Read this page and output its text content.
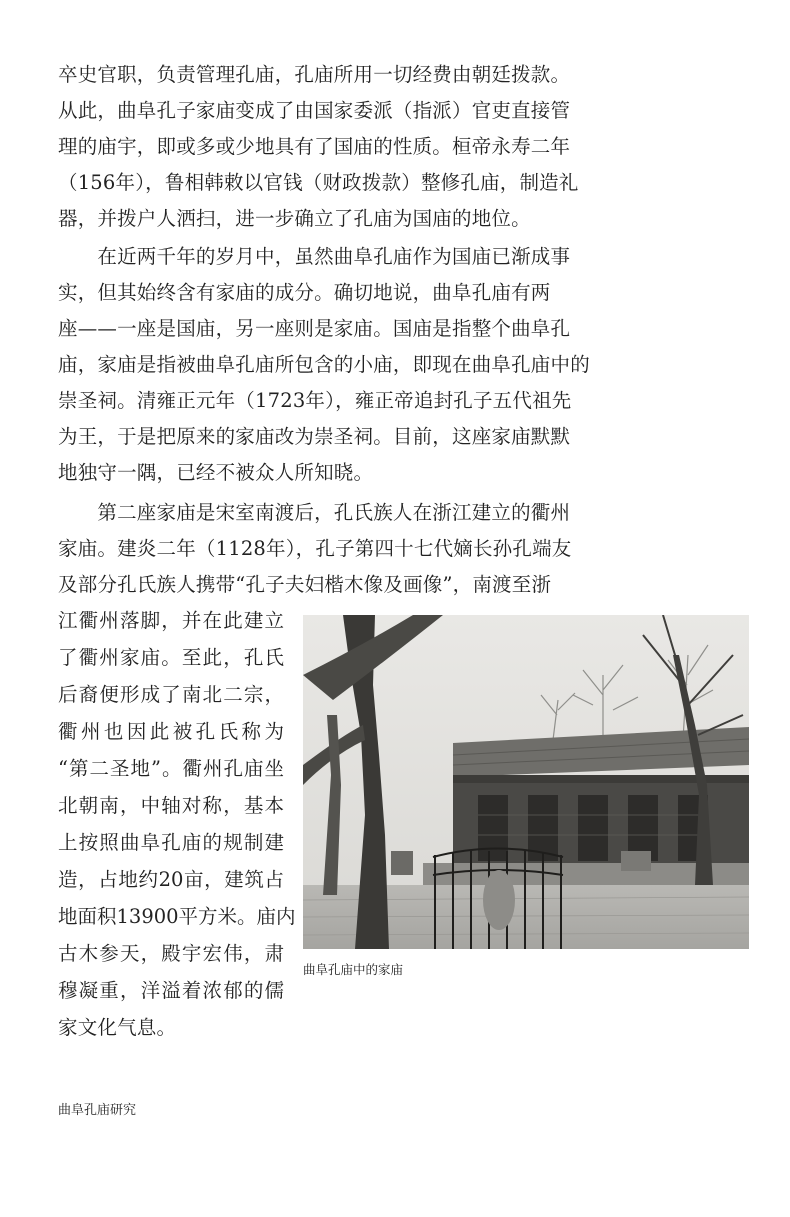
卒史官职，负责管理孔庙，孔庙所用一切经费由朝廷拨款。
从此，曲阜孔子家庙变成了由国家委派（指派）官吏直接管
理的庙宇，即或多或少地具有了国庙的性质。桓帝永寿二年
（156年），鲁相韩敕以官钱（财政拨款）整修孔庙，制造礼
器，并拨户人洒扫，进一步确立了孔庙为国庙的地位。
　　在近两千年的岁月中，虽然曲阜孔庙作为国庙已渐成事
实，但其始终含有家庙的成分。确切地说，曲阜孔庙有两
座——一座是国庙，另一座则是家庙。国庙是指整个曲阜孔
庙，家庙是指被曲阜孔庙所包含的小庙，即现在曲阜孔庙中的
崇圣祠。清雍正元年（1723年），雍正帝追封孔子五代祖先
为王，于是把原来的家庙改为崇圣祠。目前，这座家庙默默
地独守一隅，已经不被众人所知晓。
　　第二座家庙是宋室南渡后，孔氏族人在浙江建立的衢州
家庙。建炎二年（1128年），孔子第四十七代嫡长孙孔端友
及部分孔氏族人携带“孔子夫妇楷木像及画像”，南渡至浙
江衢州落脚，并在此建立
了衢州家庙。至此，孔氏
后裔便形成了南北二宗，
衢州也因此被孔氏称为
“第二圣地”。衢州孔庙坐
北朝南，中轴对称，基本
上按照曲阜孔庙的规制建
造，占地约20亩，建筑占
地面积13900平方米。庙内
古木参天，殿宇宏伟，肃
穆凝重，洋溢着浓郁的儒
家文化气息。
曲阜孔庙中的家庙
曲阜孔庙研究
